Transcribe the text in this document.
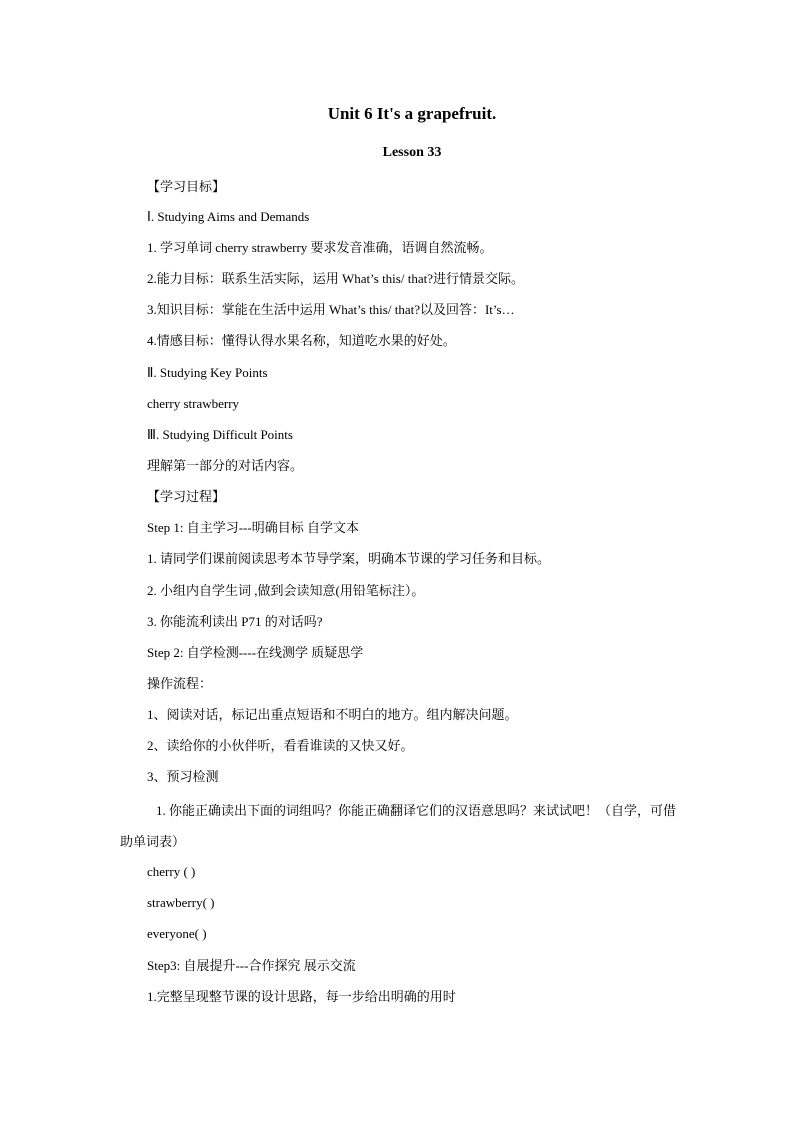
Unit 6 It's a grapefruit.
Lesson 33
【学习目标】
Ⅰ. Studying Aims and Demands
1. 学习单词 cherry strawberry 要求发音准确，语调自然流畅。
2.能力目标：联系生活实际，运用 What’s this/ that?进行情景交际。
3.知识目标：掌能在生活中运用 What’s this/ that?以及回答：It’s…
4.情感目标：懂得认得水果名称，知道吃水果的好处。
Ⅱ. Studying Key Points
cherry strawberry
Ⅲ. Studying Difficult Points
理解第一部分的对话内容。
【学习过程】
Step 1: 自主学习---明确目标 自学文本
1. 请同学们课前阅读思考本节导学案，明确本节课的学习任务和目标。
2. 小组内自学生词 ,做到会读知意(用铅笔标注）。
3. 你能流利读出 P71 的对话吗?
Step 2: 自学检测----在线测学 质疑思学
操作流程：
1、阅读对话，标记出重点短语和不明白的地方。组内解决问题。
2、读给你的小伙伴听，看看谁读的又快又好。
3、预习检测
1. 你能正确读出下面的词组吗？你能正确翻译它们的汉语意思吗？来试试吧！（自学，可借助单词表）
cherry ( )
strawberry( )
everyone( )
Step3: 自展提升---合作探究 展示交流
1.完整呈现整节课的设计思路，每一步给出明确的用时
